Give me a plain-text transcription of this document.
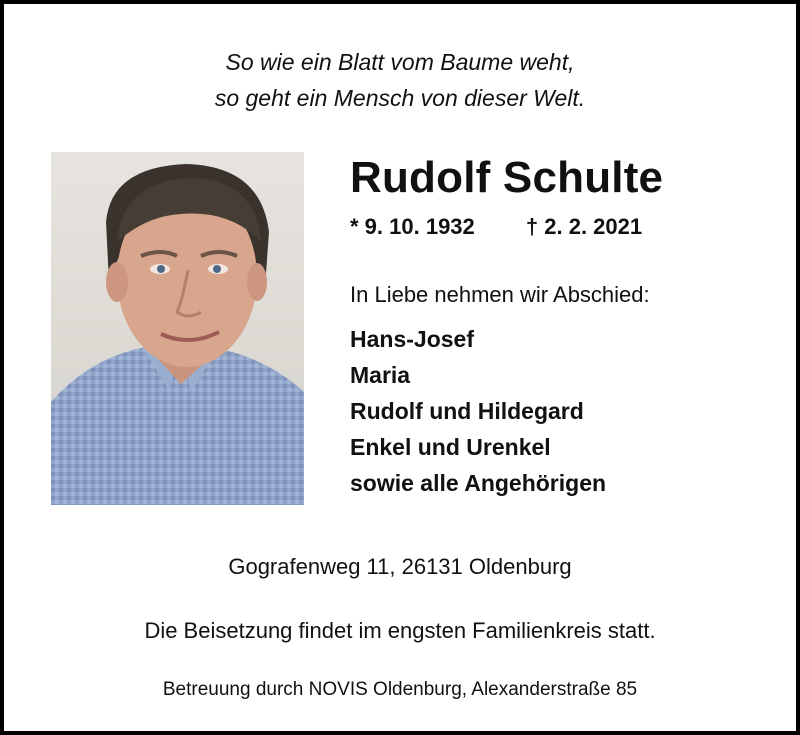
So wie ein Blatt vom Baume weht,
so geht ein Mensch von dieser Welt.
Rudolf Schulte
* 9. 10. 1932 † 2. 2. 2021
In Liebe nehmen wir Abschied:
Hans-Josef
Maria
Rudolf und Hildegard
Enkel und Urenkel
sowie alle Angehörigen
Gografenweg 11, 26131 Oldenburg
Die Beisetzung findet im engsten Familienkreis statt.
Betreuung durch NOVIS Oldenburg, Alexanderstraße 85
